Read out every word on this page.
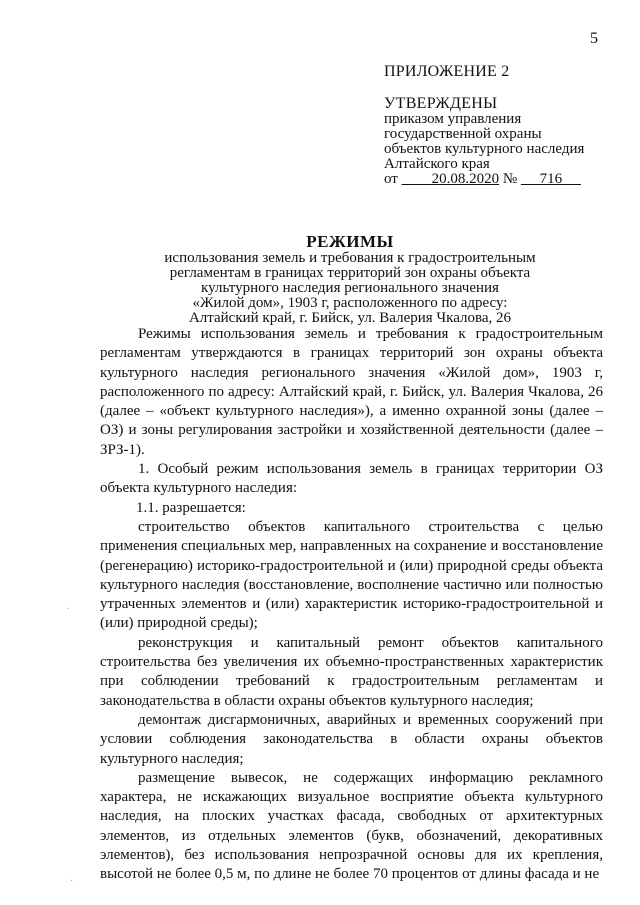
5
ПРИЛОЖЕНИЕ 2
УТВЕРЖДЕНЫ
приказом управления
государственной охраны
объектов культурного наследия
Алтайского края
от 20.08.2020 № 716
РЕЖИМЫ
использования земель и требования к градостроительным
регламентам в границах территорий зон охраны объекта
культурного наследия регионального значения
«Жилой дом», 1903 г, расположенного по адресу:
Алтайский край, г. Бийск, ул. Валерия Чкалова, 26

Режимы использования земель и требования к градостроительным регламентам утверждаются в границах территорий зон охраны объекта культурного наследия регионального значения «Жилой дом», 1903 г, расположенного по адресу: Алтайский край, г. Бийск, ул. Валерия Чкалова, 26 (далее – «объект культурного наследия»), а именно охранной зоны (далее – ОЗ) и зоны регулирования застройки и хозяйственной деятельности (далее – ЗРЗ-1).

1. Особый режим использования земель в границах территории ОЗ объекта культурного наследия:

1.1. разрешается:

строительство объектов капитального строительства с целью применения специальных мер, направленных на сохранение и восстановление (регенерацию) историко-градостроительной и (или) природной среды объекта культурного наследия (восстановление, восполнение частично или полностью утраченных элементов и (или) характеристик историко-градостроительной и (или) природной среды);

реконструкция и капитальный ремонт объектов капитального строительства без увеличения их объемно-пространственных характеристик при соблюдении требований к градостроительным регламентам и законодательства в области охраны объектов культурного наследия;

демонтаж дисгармоничных, аварийных и временных сооружений при условии соблюдения законодательства в области охраны объектов культурного наследия;

размещение вывесок, не содержащих информацию рекламного характера, не искажающих визуальное восприятие объекта культурного наследия, на плоских участках фасада, свободных от архитектурных элементов, из отдельных элементов (букв, обозначений, декоративных элементов), без использования непрозрачной основы для их крепления, высотой не более 0,5 м, по длине не более 70 процентов от длины фасада и не

·
·
